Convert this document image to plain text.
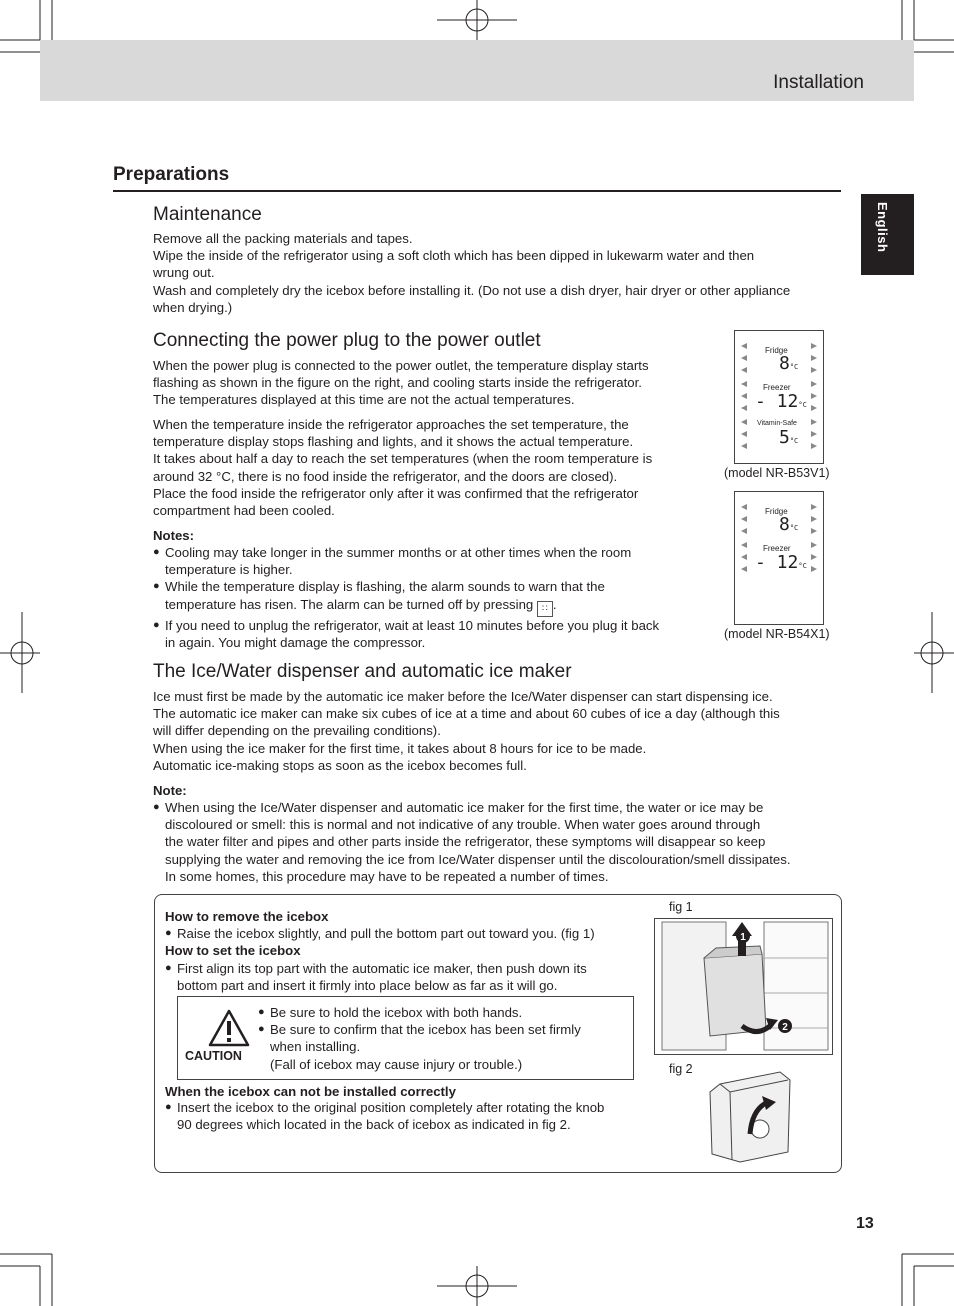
Installation
English
Preparations
Maintenance
Remove all the packing materials and tapes.
Wipe the inside of the refrigerator using a soft cloth which has been dipped in lukewarm water and then
wrung out.
Wash and completely dry the icebox before installing it. (Do not use a dish dryer, hair dryer or other appliance
when drying.)
Connecting the power plug to the power outlet
When the power plug is connected to the power outlet, the temperature display starts
flashing as shown in the figure on the right, and cooling starts inside the refrigerator.
The temperatures displayed at this time are not the actual temperatures.
When the temperature inside the refrigerator approaches the set temperature, the
temperature display stops flashing and lights, and it shows the actual temperature.
It takes about half a day to reach the set temperatures (when the room temperature is
around 32 °C, there is no food inside the refrigerator, and the doors are closed).
Place the food inside the refrigerator only after it was confirmed that the refrigerator
compartment had been cooled.
Notes:
● Cooling may take longer in the summer months or at other times when the room
temperature is higher.
● While the temperature display is flashing, the alarm sounds to warn that the
temperature has risen. The alarm can be turned off by pressing ∷ .
● If you need to unplug the refrigerator, wait at least 10 minutes before you plug it back
in again. You might damage the compressor.
Fridge
8°C
Freezer
- 12°C
Vitamin-Safe
5°C
(model NR-B53V1)
Fridge
8°C
Freezer
- 12°C
(model NR-B54X1)
The Ice/Water dispenser and automatic ice maker
Ice must first be made by the automatic ice maker before the Ice/Water dispenser can start dispensing ice.
The automatic ice maker can make six cubes of ice at a time and about 60 cubes of ice a day (although this
will differ depending on the prevailing conditions).
When using the ice maker for the first time, it takes about 8 hours for ice to be made.
Automatic ice-making stops as soon as the icebox becomes full.
Note:
● When using the Ice/Water dispenser and automatic ice maker for the first time, the water or ice may be
discoloured or smell: this is normal and not indicative of any trouble. When water goes around through
the water filter and pipes and other parts inside the refrigerator, these symptoms will disappear so keep
supplying the water and removing the ice from Ice/Water dispenser until the discolouration/smell dissipates.
In some homes, this procedure may have to be repeated a number of times.
How to remove the icebox
● Raise the icebox slightly, and pull the bottom part out toward you. (fig 1)
How to set the icebox
● First align its top part with the automatic ice maker, then push down its
bottom part and insert it firmly into place below as far as it will go.
CAUTION
● Be sure to hold the icebox with both hands.
● Be sure to confirm that the icebox has been set firmly
when installing.
(Fall of icebox may cause injury or trouble.)
When the icebox can not be installed correctly
● Insert the icebox to the original position completely after rotating the knob
90 degrees which located in the back of icebox as indicated in fig 2.
fig 1
1
2
fig 2
13
